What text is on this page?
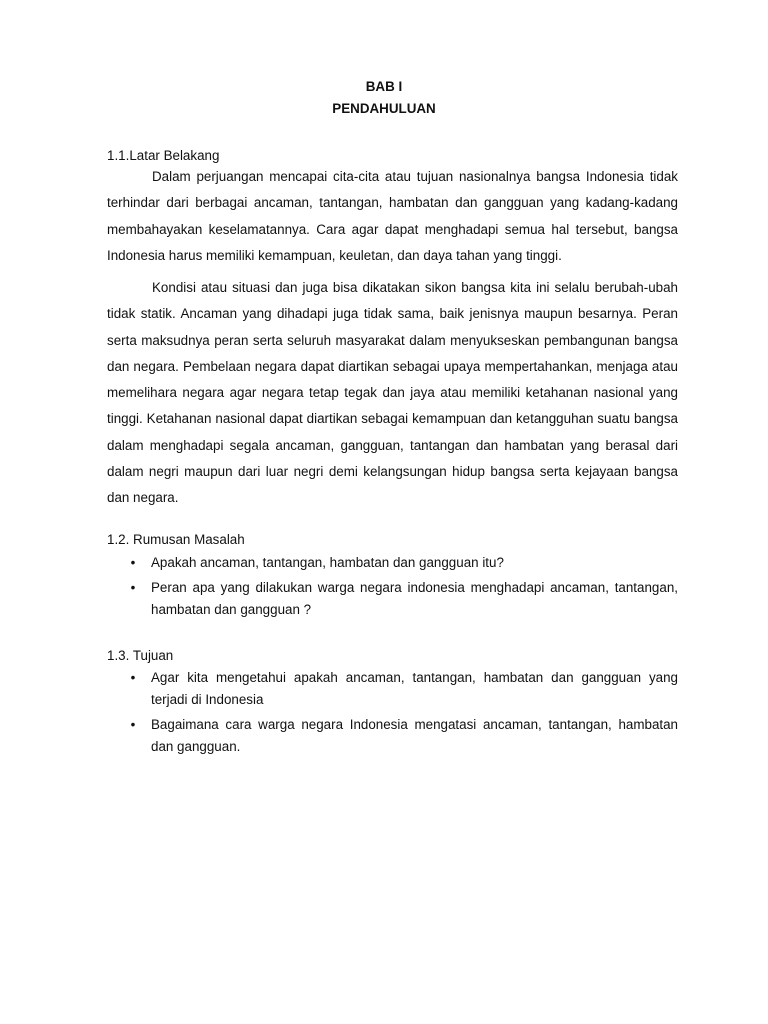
BAB I
PENDAHULUAN
1.1.Latar Belakang

Dalam perjuangan mencapai cita-cita atau tujuan nasionalnya bangsa Indonesia tidak terhindar dari berbagai ancaman, tantangan, hambatan dan gangguan yang kadang-kadang membahayakan keselamatannya. Cara agar dapat menghadapi semua hal tersebut, bangsa Indonesia harus memiliki kemampuan, keuletan, dan daya tahan yang tinggi.

Kondisi atau situasi dan juga bisa dikatakan sikon bangsa kita ini selalu berubah-ubah tidak statik. Ancaman yang dihadapi juga tidak sama, baik jenisnya maupun besarnya. Peran serta maksudnya peran serta seluruh masyarakat dalam menyukseskan pembangunan bangsa dan negara. Pembelaan negara dapat diartikan sebagai upaya mempertahankan, menjaga atau memelihara negara agar negara tetap tegak dan jaya atau memiliki ketahanan nasional yang tinggi. Ketahanan nasional dapat diartikan sebagai kemampuan dan ketangguhan suatu bangsa dalam menghadapi segala ancaman, gangguan, tantangan dan hambatan yang berasal dari dalam negri maupun dari luar negri demi kelangsungan hidup bangsa serta kejayaan bangsa dan negara.

1.2. Rumusan Masalah
• Apakah ancaman, tantangan, hambatan dan gangguan itu?
• Peran apa yang dilakukan warga negara indonesia menghadapi ancaman, tantangan, hambatan dan gangguan ?
1.3. Tujuan
• Agar kita mengetahui apakah ancaman, tantangan, hambatan dan gangguan yang terjadi di Indonesia
• Bagaimana cara warga negara Indonesia mengatasi ancaman, tantangan, hambatan dan gangguan.
